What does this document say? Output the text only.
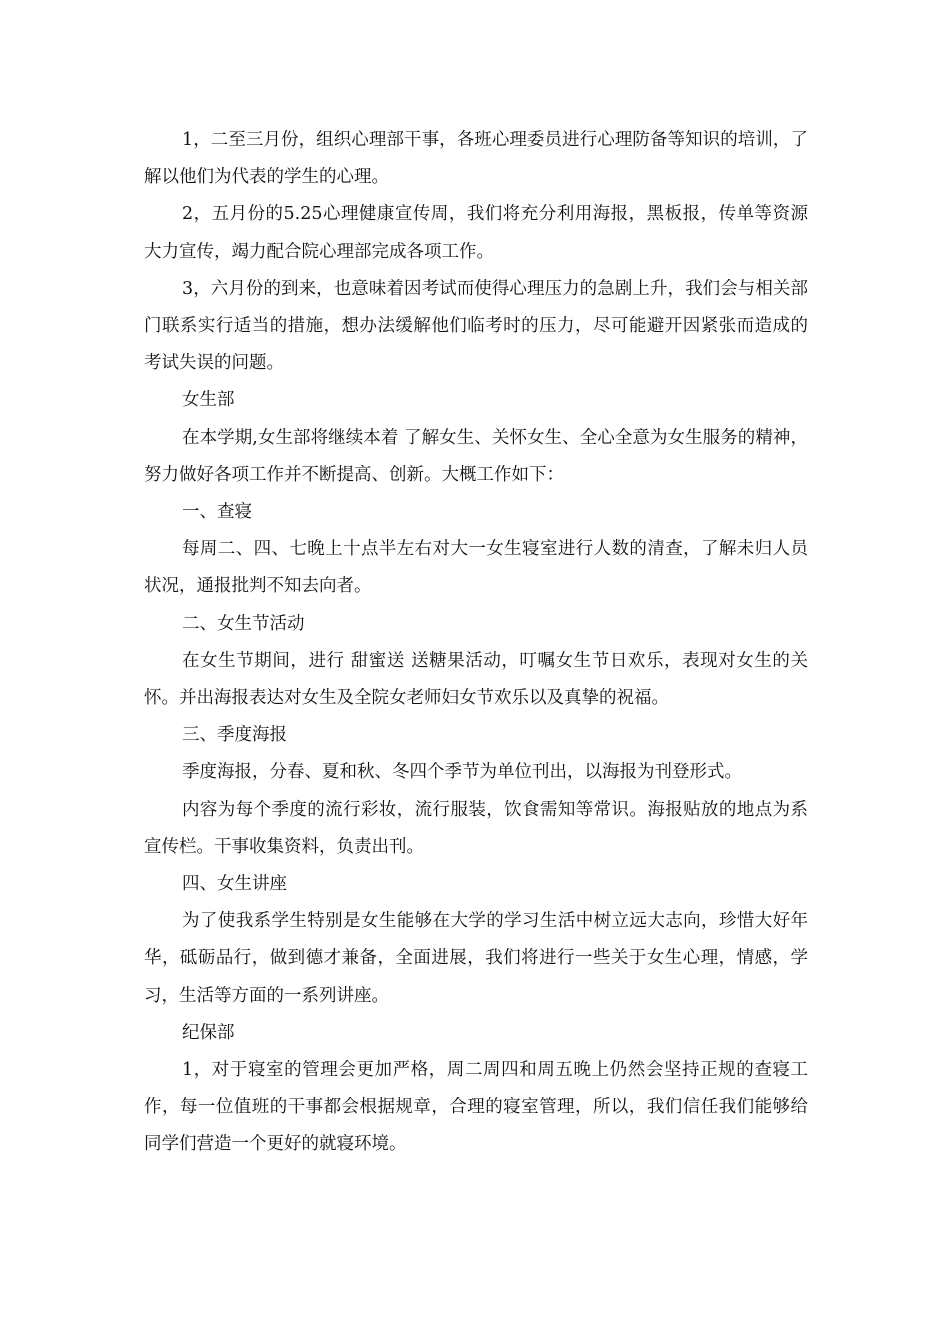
1，二至三月份，组织心理部干事，各班心理委员进行心理防备等知识的培训，了解以他们为代表的学生的心理。

2，五月份的5.25心理健康宣传周，我们将充分利用海报，黑板报，传单等资源大力宣传，竭力配合院心理部完成各项工作。

3，六月份的到来，也意味着因考试而使得心理压力的急剧上升，我们会与相关部门联系实行适当的措施，想办法缓解他们临考时的压力，尽可能避开因紧张而造成的考试失误的问题。

女生部

在本学期,女生部将继续本着 了解女生、关怀女生、全心全意为女生服务的精神，努力做好各项工作并不断提高、创新。大概工作如下：

一、查寝

每周二、四、七晚上十点半左右对大一女生寝室进行人数的清查，了解未归人员状况，通报批判不知去向者。

二、女生节活动

在女生节期间，进行 甜蜜送 送糖果活动，叮嘱女生节日欢乐，表现对女生的关怀。并出海报表达对女生及全院女老师妇女节欢乐以及真挚的祝福。

三、季度海报

季度海报，分春、夏和秋、冬四个季节为单位刊出，以海报为刊登形式。

内容为每个季度的流行彩妆，流行服装，饮食需知等常识。海报贴放的地点为系宣传栏。干事收集资料，负责出刊。

四、女生讲座

为了使我系学生特别是女生能够在大学的学习生活中树立远大志向，珍惜大好年华，砥砺品行，做到德才兼备，全面进展，我们将进行一些关于女生心理，情感，学习，生活等方面的一系列讲座。

纪保部

1，对于寝室的管理会更加严格，周二周四和周五晚上仍然会坚持正规的查寝工作，每一位值班的干事都会根据规章，合理的寝室管理，所以，我们信任我们能够给同学们营造一个更好的就寝环境。
